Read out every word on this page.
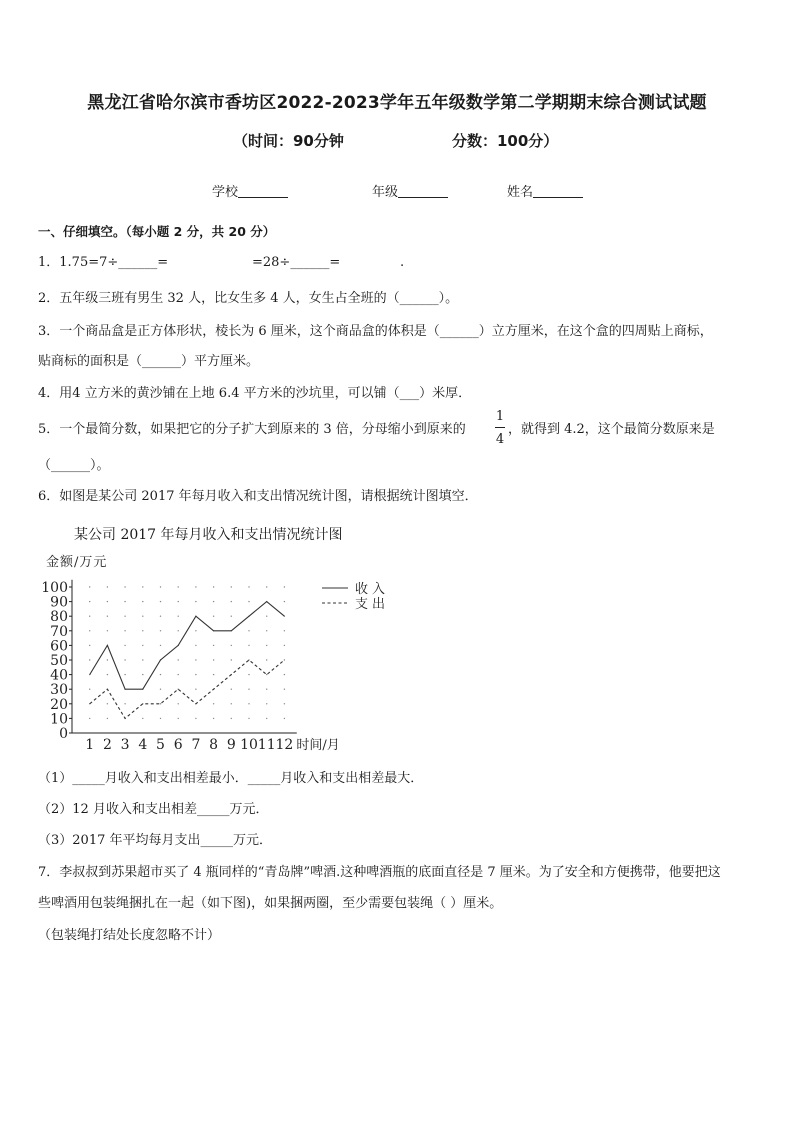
黑龙江省哈尔滨市香坊区2022-2023学年五年级数学第二学期期末综合测试试题
（时间：90分钟	分数：100分）
学校	年级	姓名
一、仔细填空。（每小题 2 分，共 20 分）
1．1.75=7÷______=	=28÷______=	.
2．五年级三班有男生 32 人，比女生多 4 人，女生占全班的（______）。
3．一个商品盒是正方体形状，棱长为 6 厘米，这个商品盒的体积是（______）立方厘米，在这个盒的四周贴上商标，
贴商标的面积是（______）平方厘米。
4．用4 立方米的黄沙铺在上地 6.4 平方米的沙坑里，可以铺（___）米厚．
5．一个最简分数，如果把它的分子扩大到原来的 3 倍，分母缩小到原来的
1
4
，就得到 4.2，这个最简分数原来是
（______）。
6．如图是某公司 2017 年每月收入和支出情况统计图，请根据统计图填空．
某公司 2017 年每月收入和支出情况统计图
0
10
20
30
40
50
60
70
80
90
100
1 2 3 4 5 6 7 8 9 10 11 12
金额/万元
时间/月
收入
支出
（1）_____月收入和支出相差最小．_____月收入和支出相差最大．
（2）12 月收入和支出相差_____万元．
（3）2017 年平均每月支出_____万元．
7．李叔叔到苏果超市买了 4 瓶同样的“青岛牌”啤酒.这种啤酒瓶的底面直径是 7 厘米。为了安全和方便携带，他要把这
些啤酒用包装绳捆扎在一起（如下图)，如果捆两圈，至少需要包装绳（ ）厘米。
（包装绳打结处长度忽略不计）
